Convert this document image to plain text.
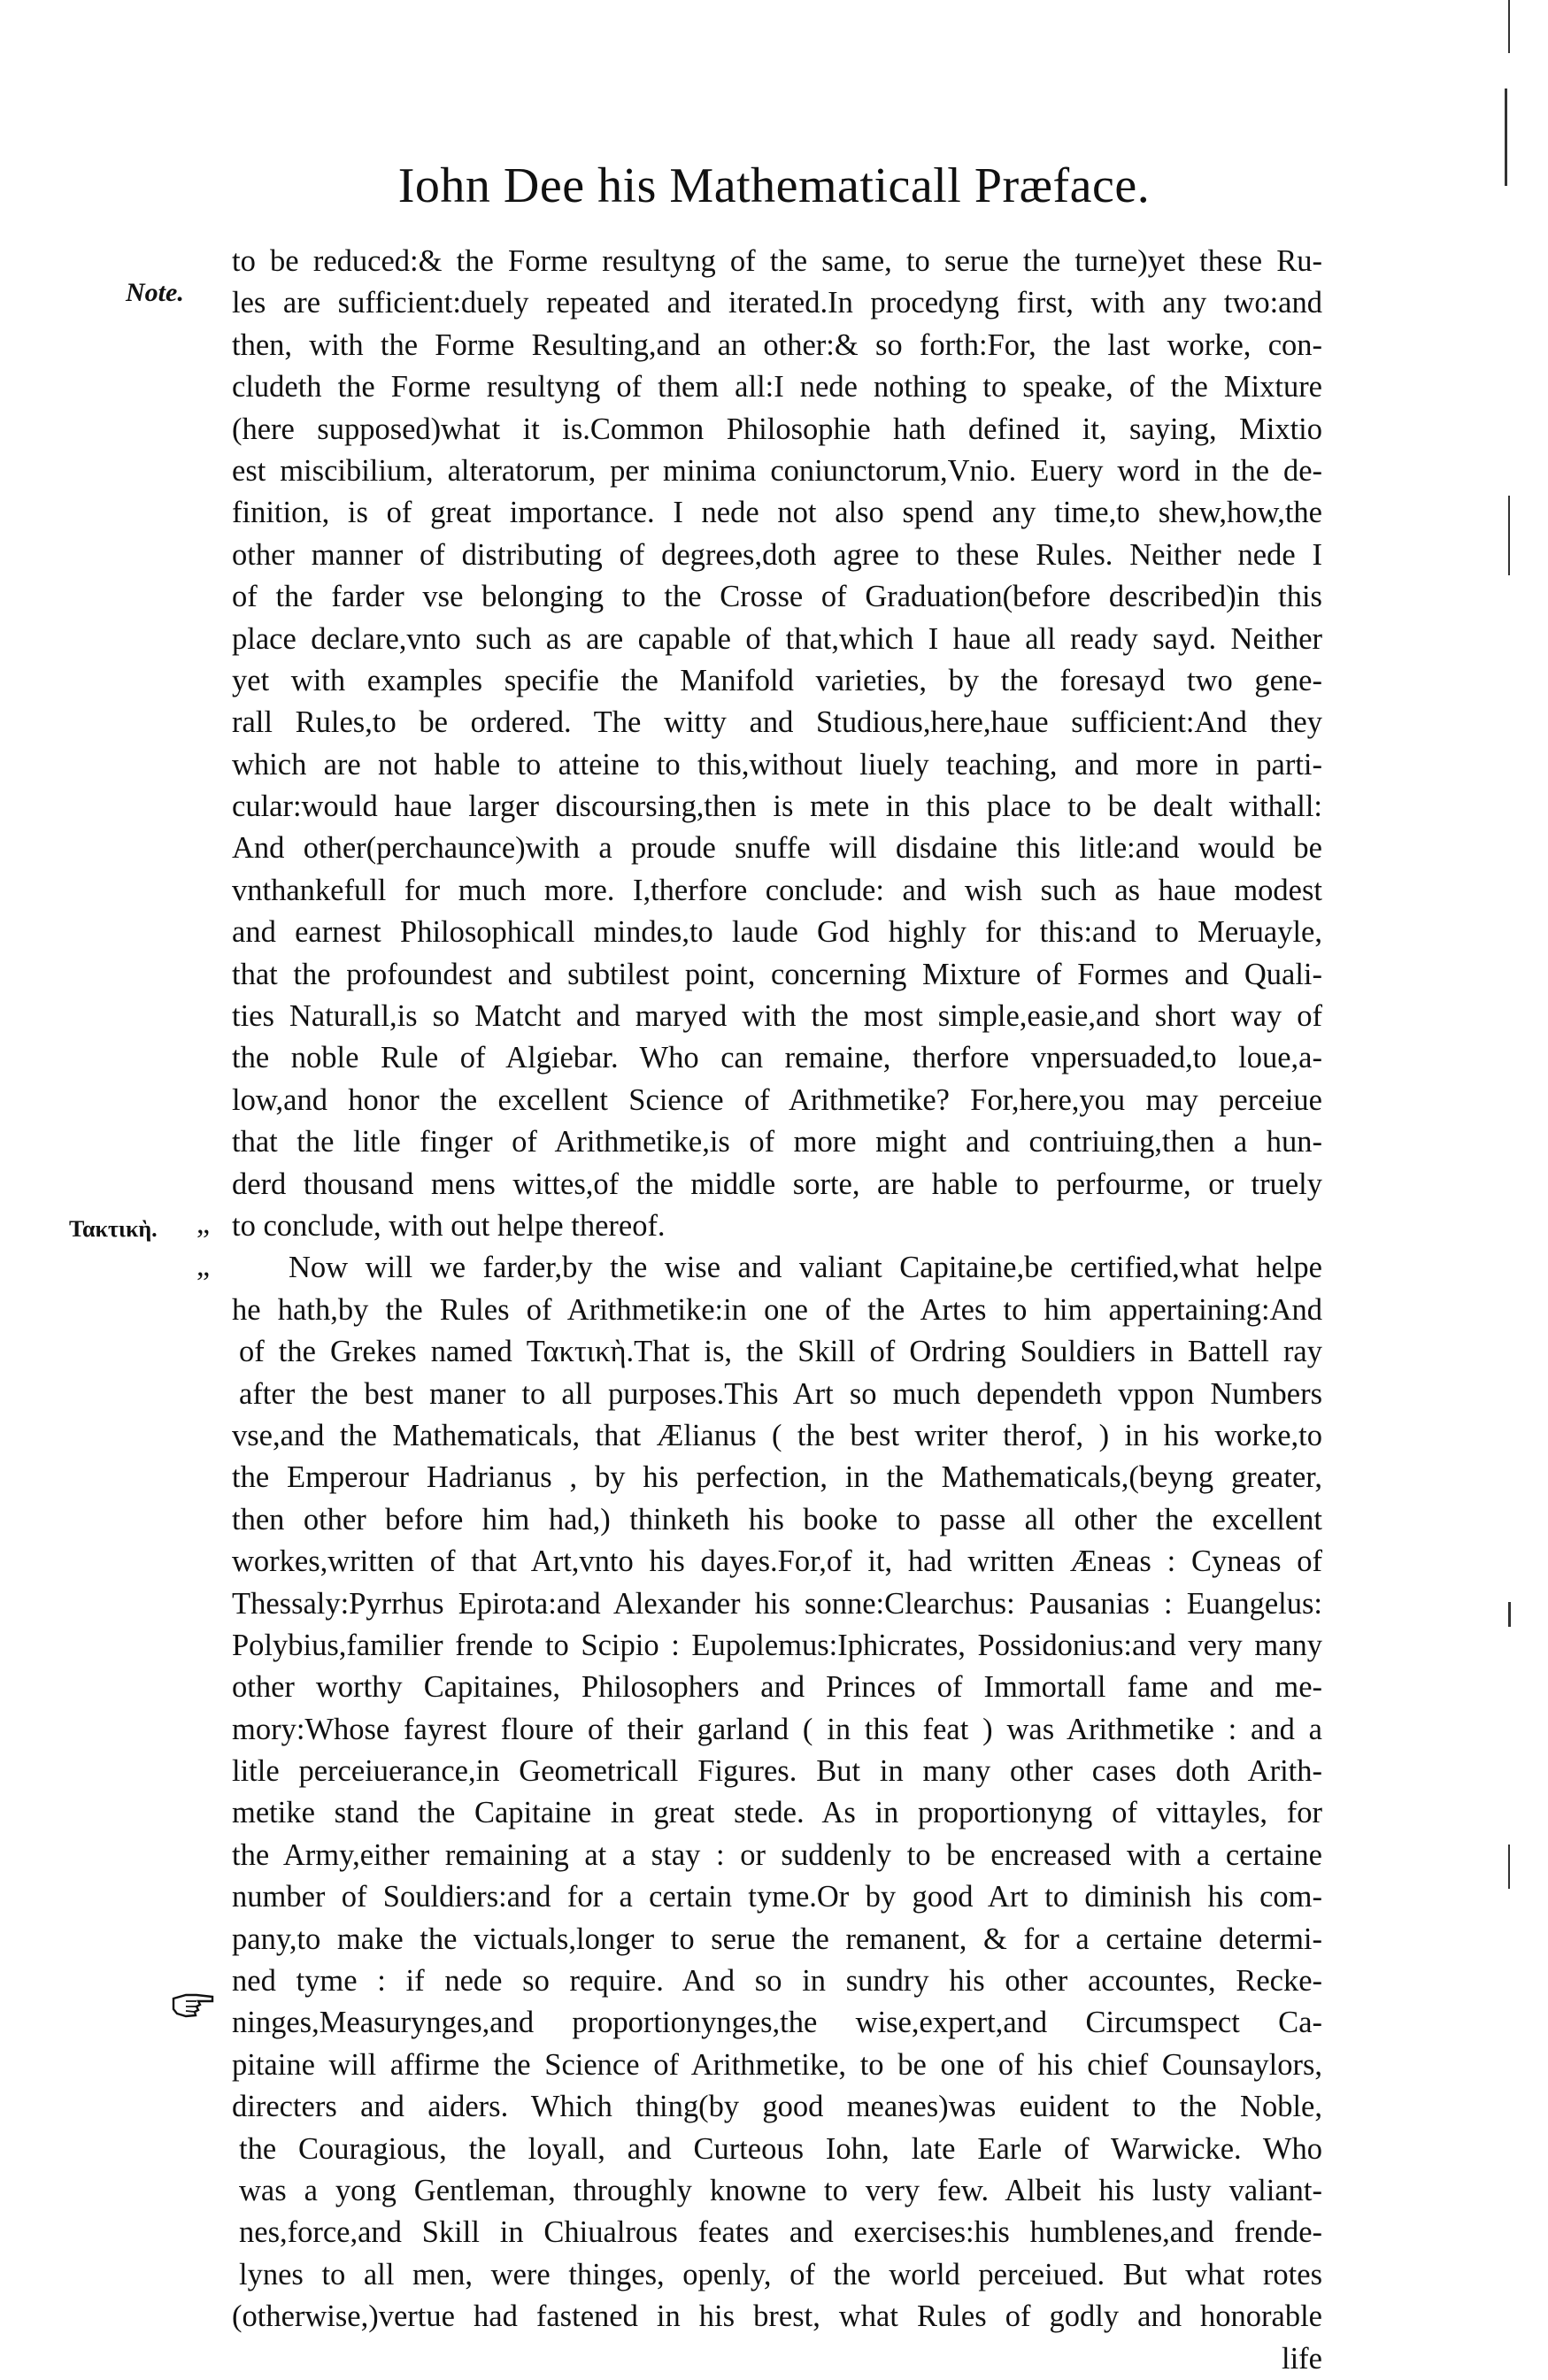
Iohn Dee his Mathematicall Præface.
Note.
Τακτικὴ. „
„
to be reduced:& the Forme resultyng of the same, to serue the turne)yet these Ru-
les are sufficient:duely repeated and iterated.In procedyng first, with any two:and
then, with the Forme Resulting,and an other:& so forth:For, the last worke, con-
cludeth the Forme resultyng of them all:I nede nothing to speake, of the Mixture
(here supposed)what it is.Common Philosophie hath defined it, saying, Mixtio
est miscibilium, alteratorum, per minima coniunctorum,Vnio. Euery word in the de-
finition, is of great importance. I nede not also spend any time,to shew,how,the
other manner of distributing of degrees,doth agree to these Rules. Neither nede I
of the farder vse belonging to the Crosse of Graduation(before described)in this
place declare,vnto such as are capable of that,which I haue all ready sayd. Neither
yet with examples specifie the Manifold varieties, by the foresayd two gene-
rall Rules,to be ordered. The witty and Studious,here,haue sufficient:And they
which are not hable to atteine to this,without liuely teaching, and more in parti-
cular:would haue larger discoursing,then is mete in this place to be dealt withall:
And other(perchaunce)with a proude snuffe will disdaine this litle:and would be
vnthankefull for much more. I,therfore conclude: and wish such as haue modest
and earnest Philosophicall mindes,to laude God highly for this:and to Meruayle,
that the profoundest and subtilest point, concerning Mixture of Formes and Quali-
ties Naturall,is so Matcht and maryed with the most simple,easie,and short way of
the noble Rule of Algiebar. Who can remaine, therfore vnpersuaded,to loue,a-
low,and honor the excellent Science of Arithmetike? For,here,you may perceiue
that the litle finger of Arithmetike,is of more might and contriuing,then a hun-
derd thousand mens wittes,of the middle sorte, are hable to perfourme, or truely
to conclude, with out helpe thereof.
Now will we farder,by the wise and valiant Capitaine,be certified,what helpe
he hath,by the Rules of Arithmetike:in one of the Artes to him appertaining:And
of the Grekes named Τακτικὴ.That is, the Skill of Ordring Souldiers in Battell ray
after the best maner to all purposes.This Art so much dependeth vppon Numbers
vse,and the Mathematicals, that Ælianus ( the best writer therof, ) in his worke,to
the Emperour Hadrianus , by his perfection, in the Mathematicals,(beyng greater,
then other before him had,) thinketh his booke to passe all other the excellent
workes,written of that Art,vnto his dayes.For,of it, had written Æneas : Cyneas of
Thessaly:Pyrrhus Epirota:and Alexander his sonne:Clearchus: Pausanias : Euangelus:
Polybius,familier frende to Scipio : Eupolemus:Iphicrates, Possidonius:and very many
other worthy Capitaines, Philosophers and Princes of Immortall fame and me-
mory:Whose fayrest floure of their garland ( in this feat ) was Arithmetike : and a
litle perceiuerance,in Geometricall Figures. But in many other cases doth Arith-
metike stand the Capitaine in great stede. As in proportionyng of vittayles, for
the Army,either remaining at a stay : or suddenly to be encreased with a certaine
number of Souldiers:and for a certain tyme.Or by good Art to diminish his com-
pany,to make the victuals,longer to serue the remanent, & for a certaine determi-
ned tyme : if nede so require. And so in sundry his other accountes, Recke-
ninges,Measurynges,and proportionynges,the wise,expert,and Circumspect Ca-
pitaine will affirme the Science of Arithmetike, to be one of his chief Counsaylors,
directers and aiders. Which thing(by good meanes)was euident to the Noble,
the Couragious, the loyall, and Curteous Iohn, late Earle of Warwicke. Who
was a yong Gentleman, throughly knowne to very few. Albeit his lusty valiant-
nes,force,and Skill in Chiualrous feates and exercises:his humblenes,and frende-
lynes to all men, were thinges, openly, of the world perceiued. But what rotes
(otherwise,)vertue had fastened in his brest, what Rules of godly and honorable
life
